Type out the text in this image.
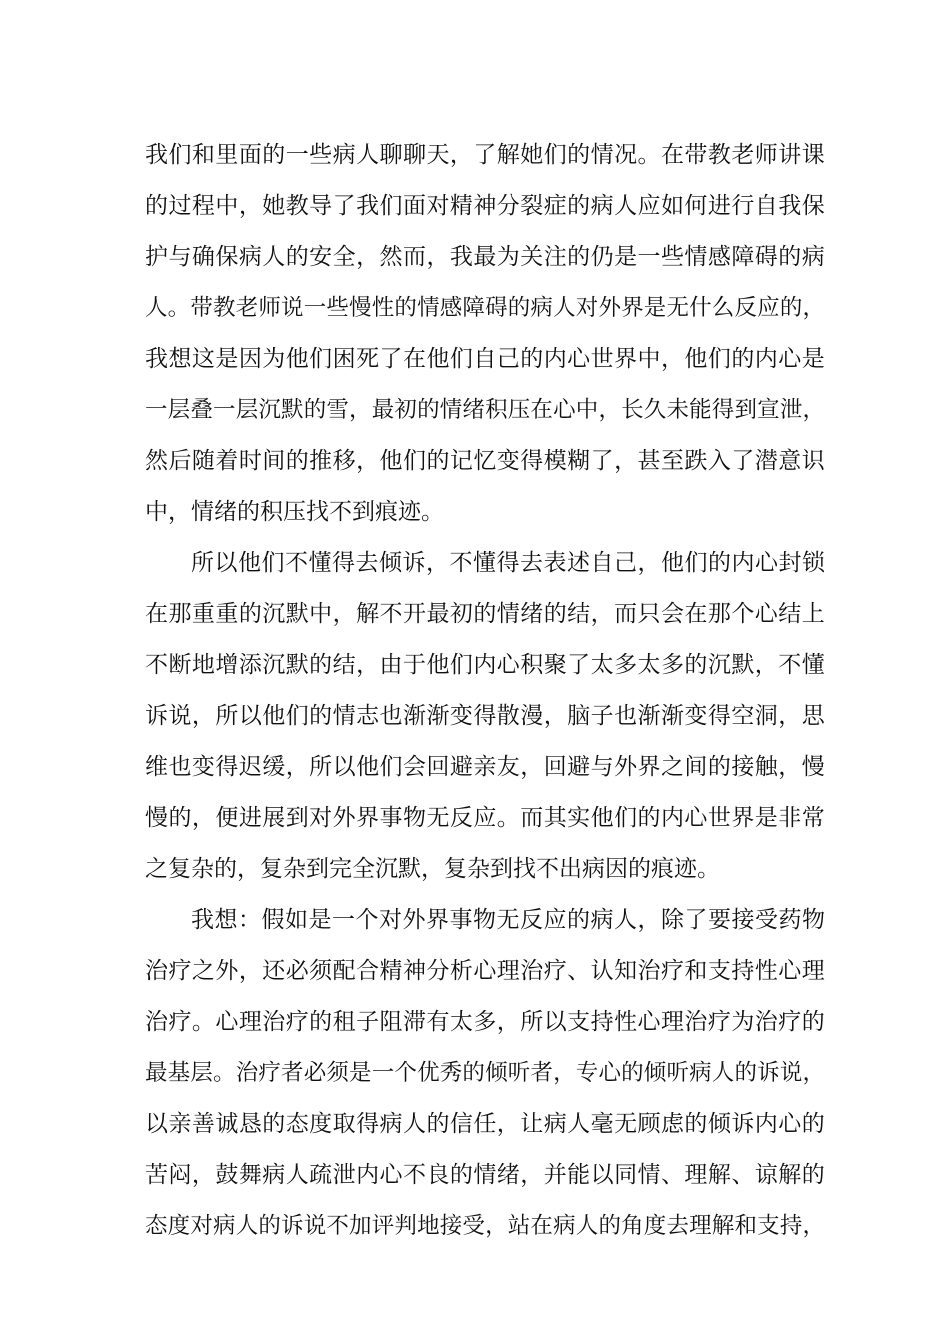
我 们 和 里 面 的 一 些 病 人 聊 聊 天 ， 了 解 她 们 的 情 况 。 在 带 教 老 师 讲 课
的 过 程 中 ， 她 教 导 了 我 们 面 对 精 神 分 裂 症 的 病 人 应 如 何 进 行 自 我 保
护 与 确 保 病 人 的 安 全 ， 然 而 ， 我 最 为 关 注 的 仍 是 一 些 情 感 障 碍 的 病
人 。 带 教 老 师 说 一 些 慢 性 的 情 感 障 碍 的 病 人 对 外 界 是 无 什 么 反 应 的 ，
我 想 这 是 因 为 他 们 困 死 了 在 他 们 自 己 的 内 心 世 界 中 ， 他 们 的 内 心 是
一 层 叠 一 层 沉 默 的 雪 ， 最 初 的 情 绪 积 压 在 心 中 ， 长 久 未 能 得 到 宣 泄 ，
然 后 随 着 时 间 的 推 移 ， 他 们 的 记 忆 变 得 模 糊 了 ， 甚 至 跌 入 了 潜 意 识
中，情绪的积压找不到痕迹。
所 以 他 们 不 懂 得 去 倾 诉 ， 不 懂 得 去 表 述 自 己 ， 他 们 的 内 心 封 锁
在 那 重 重 的 沉 默 中 ， 解 不 开 最 初 的 情 绪 的 结 ， 而 只 会 在 那 个 心 结 上
不 断 地 增 添 沉 默 的 结 ， 由 于 他 们 内 心 积 聚 了 太 多 太 多 的 沉 默 ， 不 懂
诉 说 ， 所 以 他 们 的 情 志 也 渐 渐 变 得 散 漫 ， 脑 子 也 渐 渐 变 得 空 洞 ， 思
维 也 变 得 迟 缓 ， 所 以 他 们 会 回 避 亲 友 ， 回 避 与 外 界 之 间 的 接 触 ， 慢
慢 的 ， 便 进 展 到 对 外 界 事 物 无 反 应 。 而 其 实 他 们 的 内 心 世 界 是 非 常
之复杂的，复杂到完全沉默，复杂到找不出病因的痕迹。
我 想 ： 假 如 是 一 个 对 外 界 事 物 无 反 应 的 病 人 ， 除 了 要 接 受 药 物
治 疗 之 外 ， 还 必 须 配 合 精 神 分 析 心 理 治 疗 、 认 知 治 疗 和 支 持 性 心 理
治 疗 。 心 理 治 疗 的 租 子 阻 滞 有 太 多 ， 所 以 支 持 性 心 理 治 疗 为 治 疗 的
最 基 层 。 治 疗 者 必 须 是 一 个 优 秀 的 倾 听 者 ， 专 心 的 倾 听 病 人 的 诉 说 ，
以 亲 善 诚 恳 的 态 度 取 得 病 人 的 信 任 ， 让 病 人 毫 无 顾 虑 的 倾 诉 内 心 的
苦 闷 ， 鼓 舞 病 人 疏 泄 内 心 不 良 的 情 绪 ， 并 能 以 同 情 、 理 解 、 谅 解 的
态 度 对 病 人 的 诉 说 不 加 评 判 地 接 受 ， 站 在 病 人 的 角 度 去 理 解 和 支 持 ，
